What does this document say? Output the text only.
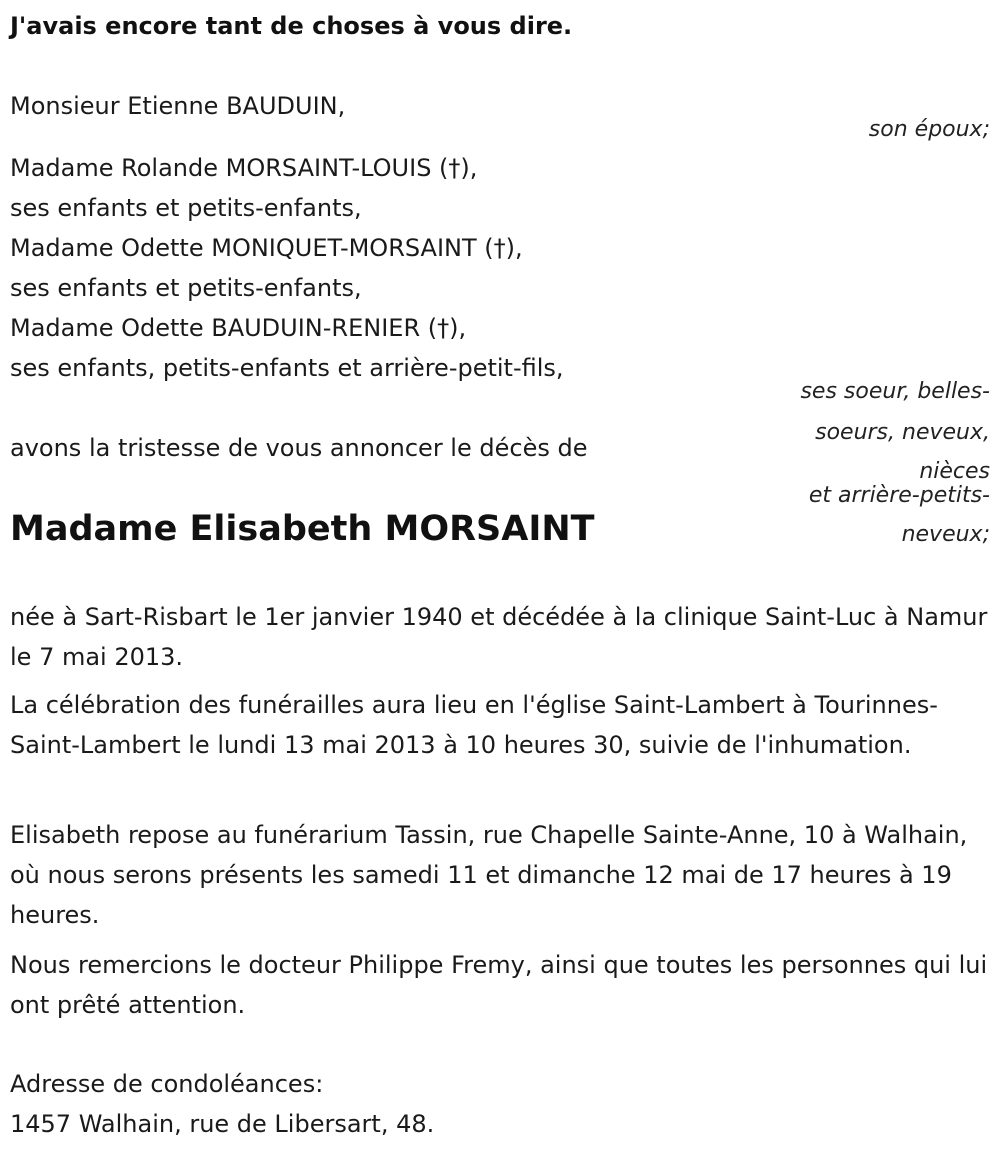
J'avais encore tant de choses à vous dire.
Monsieur Etienne BAUDUIN,
son époux;
Madame Rolande MORSAINT-LOUIS (†),
ses enfants et petits-enfants,
Madame Odette MONIQUET-MORSAINT (†),
ses enfants et petits-enfants,
Madame Odette BAUDUIN-RENIER (†),
ses enfants, petits-enfants et arrière-petit-fils,
ses soeur, belles-
soeurs, neveux,
nièces
et arrière-petits-
neveux;
avons la tristesse de vous annoncer le décès de
Madame Elisabeth MORSAINT

née à Sart-Risbart le 1er janvier 1940 et décédée à la clinique Saint-Luc à Namur le 7 mai 2013.

La célébration des funérailles aura lieu en l'église Saint-Lambert à Tourinnes-Saint-Lambert le lundi 13 mai 2013 à 10 heures 30, suivie de l'inhumation.

Elisabeth repose au funérarium Tassin, rue Chapelle Sainte-Anne, 10 à Walhain, où nous serons présents les samedi 11 et dimanche 12 mai de 17 heures à 19 heures.

Nous remercions le docteur Philippe Fremy, ainsi que toutes les personnes qui lui ont prêté attention.

Adresse de condoléances:
1457 Walhain, rue de Libersart, 48.
